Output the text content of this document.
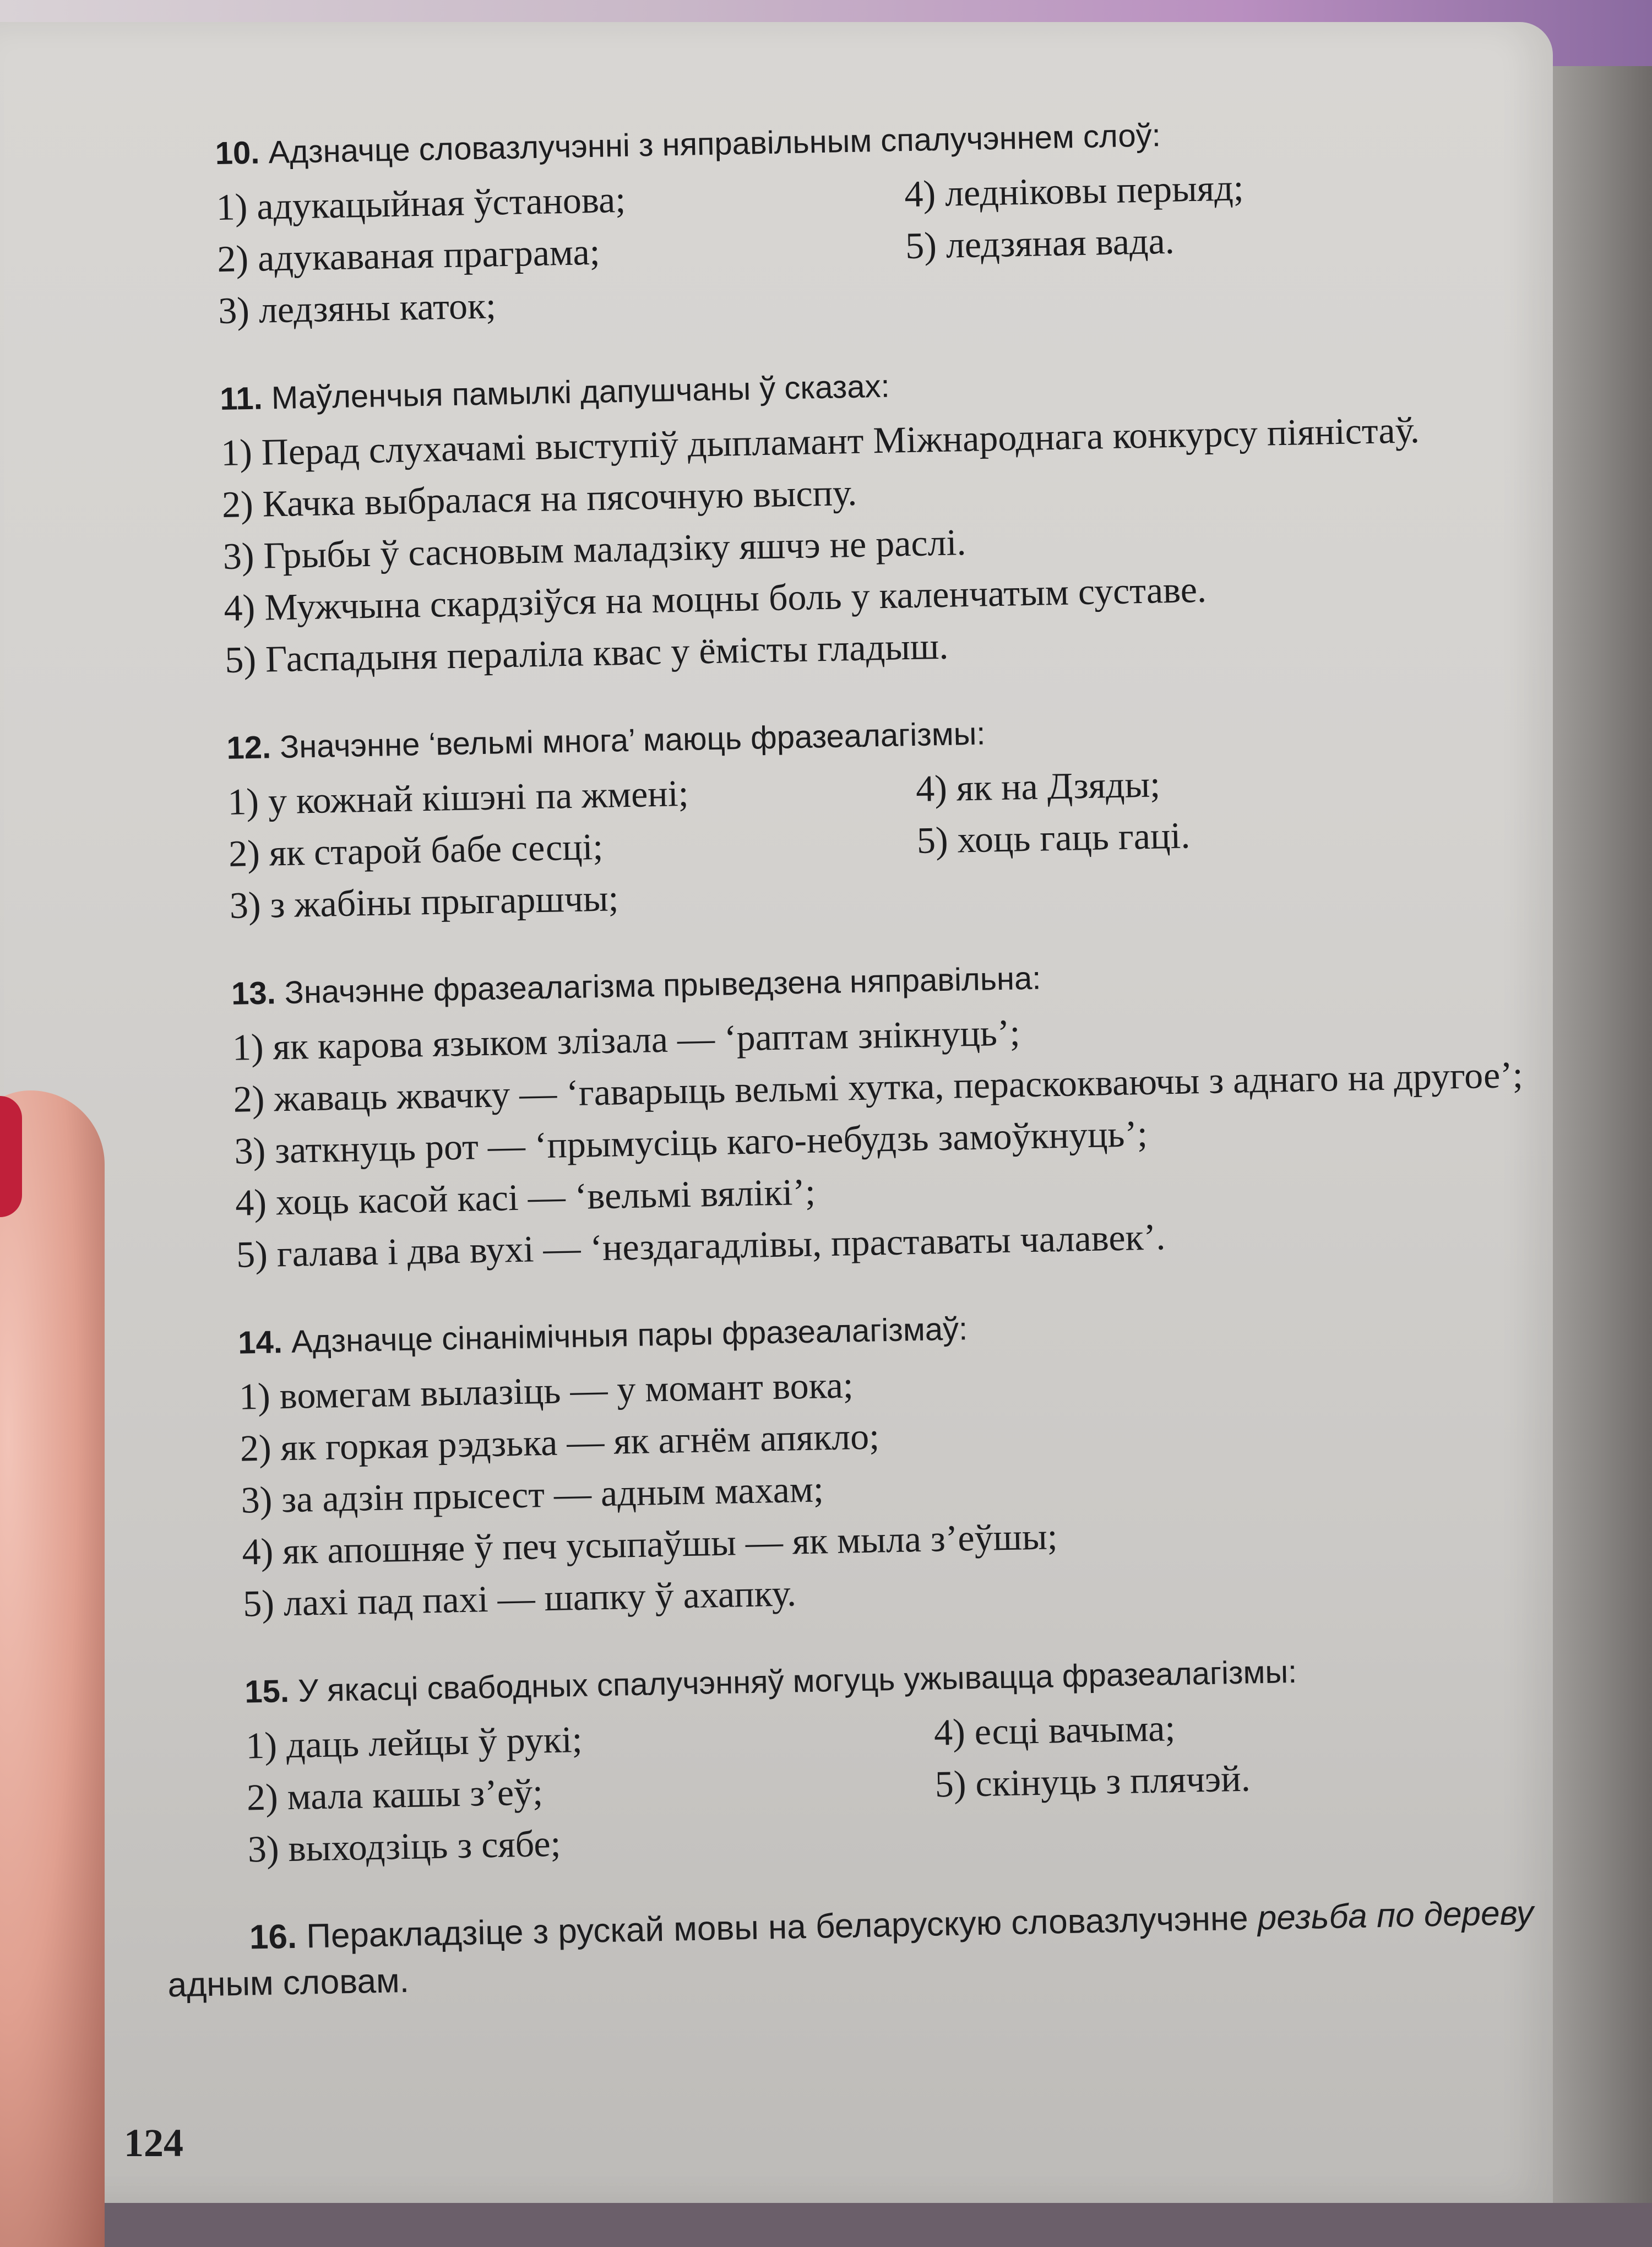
10. Адзначце словазлучэнні з няправільным спалучэннем слоў:
1) адукацыйная ўстанова;
2) адукаваная праграма;
3) ледзяны каток;
4) ледніковы перыяд;
5) ледзяная вада.
11. Маўленчыя памылкі дапушчаны ў сказах:
1) Перад слухачамі выступіў дыпламант Міжнароднага конкурсу піяністаў.
2) Качка выбралася на пясочную выспу.
3) Грыбы ў сасновым маладзіку яшчэ не раслі.
4) Мужчына скардзіўся на моцны боль у каленчатым суставе.
5) Гаспадыня пераліла квас у ёмісты гладыш.
12. Значэнне ‘вельмі многа’ маюць фразеалагізмы:
1) у кожнай кішэні па жмені;
2) як старой бабе сесці;
3) з жабіны прыгаршчы;
4) як на Дзяды;
5) хоць гаць гаці.
13. Значэнне фразеалагізма прыведзена няправільна:
1) як карова языком злізала — ‘раптам знікнуць’;
2) жаваць жвачку — ‘гаварыць вельмі хутка, пераскокваючы з аднаго на другое’;
3) заткнуць рот — ‘прымусіць каго-небудзь замоўкнуць’;
4) хоць касой касі — ‘вельмі вялікі’;
5) галава і два вухі — ‘нездагадлівы, праставаты чалавек’.
14. Адзначце сінанімічныя пары фразеалагізмаў:
1) вомегам вылазіць — у момант вока;
2) як горкая рэдзька — як агнём апякло;
3) за адзін прысест — адным махам;
4) як апошняе ў печ усыпаўшы — як мыла з’еўшы;
5) лахі пад пахі — шапку ў ахапку.
15. У якасці свабодных спалучэнняў могуць ужывацца фразеалагізмы:
1) даць лейцы ў рукі;
2) мала кашы з’еў;
3) выходзіць з сябе;
4) есці вачыма;
5) скінуць з плячэй.
16. Перакладзіце з рускай мовы на беларускую словазлучэнне резьба по дереву адным словам.
124
